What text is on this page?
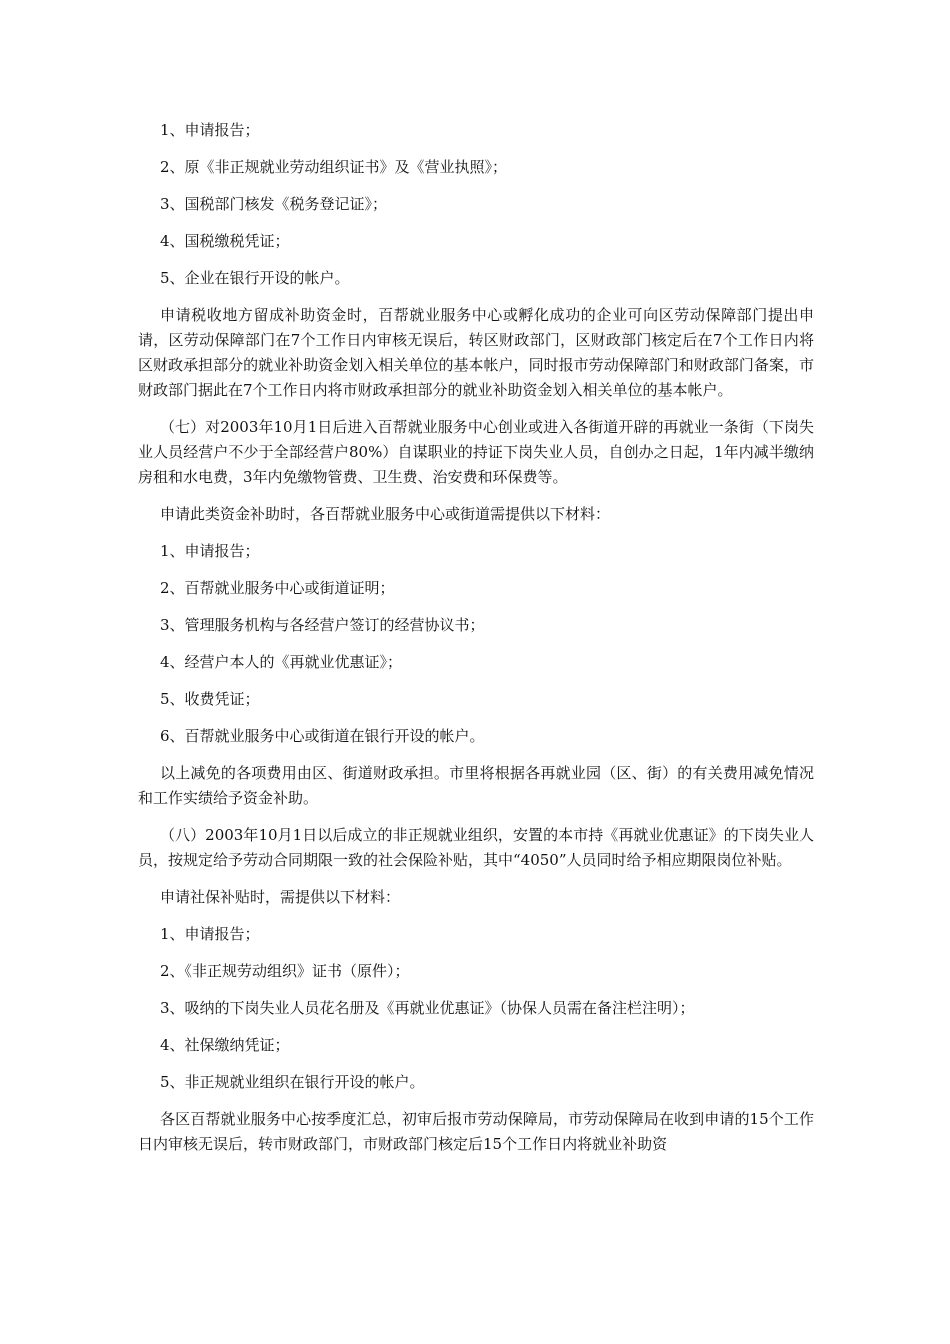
1、申请报告；

2、原《非正规就业劳动组织证书》及《营业执照》；

3、国税部门核发《税务登记证》；

4、国税缴税凭证；

5、企业在银行开设的帐户。

申请税收地方留成补助资金时，百帮就业服务中心或孵化成功的企业可向区劳动保障部门提出申请，区劳动保障部门在7个工作日内审核无误后，转区财政部门，区财政部门核定后在7个工作日内将区财政承担部分的就业补助资金划入相关单位的基本帐户，同时报市劳动保障部门和财政部门备案，市财政部门据此在7个工作日内将市财政承担部分的就业补助资金划入相关单位的基本帐户。

（七）对2003年10月1日后进入百帮就业服务中心创业或进入各街道开辟的再就业一条街（下岗失业人员经营户不少于全部经营户80%）自谋职业的持证下岗失业人员，自创办之日起，1年内减半缴纳房租和水电费，3年内免缴物管费、卫生费、治安费和环保费等。

申请此类资金补助时，各百帮就业服务中心或街道需提供以下材料：

1、申请报告；

2、百帮就业服务中心或街道证明；

3、管理服务机构与各经营户签订的经营协议书；

4、经营户本人的《再就业优惠证》；

5、收费凭证；

6、百帮就业服务中心或街道在银行开设的帐户。

以上减免的各项费用由区、街道财政承担。市里将根据各再就业园（区、街）的有关费用减免情况和工作实绩给予资金补助。

（八）2003年10月1日以后成立的非正规就业组织，安置的本市持《再就业优惠证》的下岗失业人员，按规定给予劳动合同期限一致的社会保险补贴，其中“4050”人员同时给予相应期限岗位补贴。

申请社保补贴时，需提供以下材料：

1、申请报告；

2、《非正规劳动组织》证书（原件）；

3、吸纳的下岗失业人员花名册及《再就业优惠证》（协保人员需在备注栏注明）；

4、社保缴纳凭证；

5、非正规就业组织在银行开设的帐户。

各区百帮就业服务中心按季度汇总，初审后报市劳动保障局，市劳动保障局在收到申请的15个工作日内审核无误后，转市财政部门，市财政部门核定后15个工作日内将就业补助资
